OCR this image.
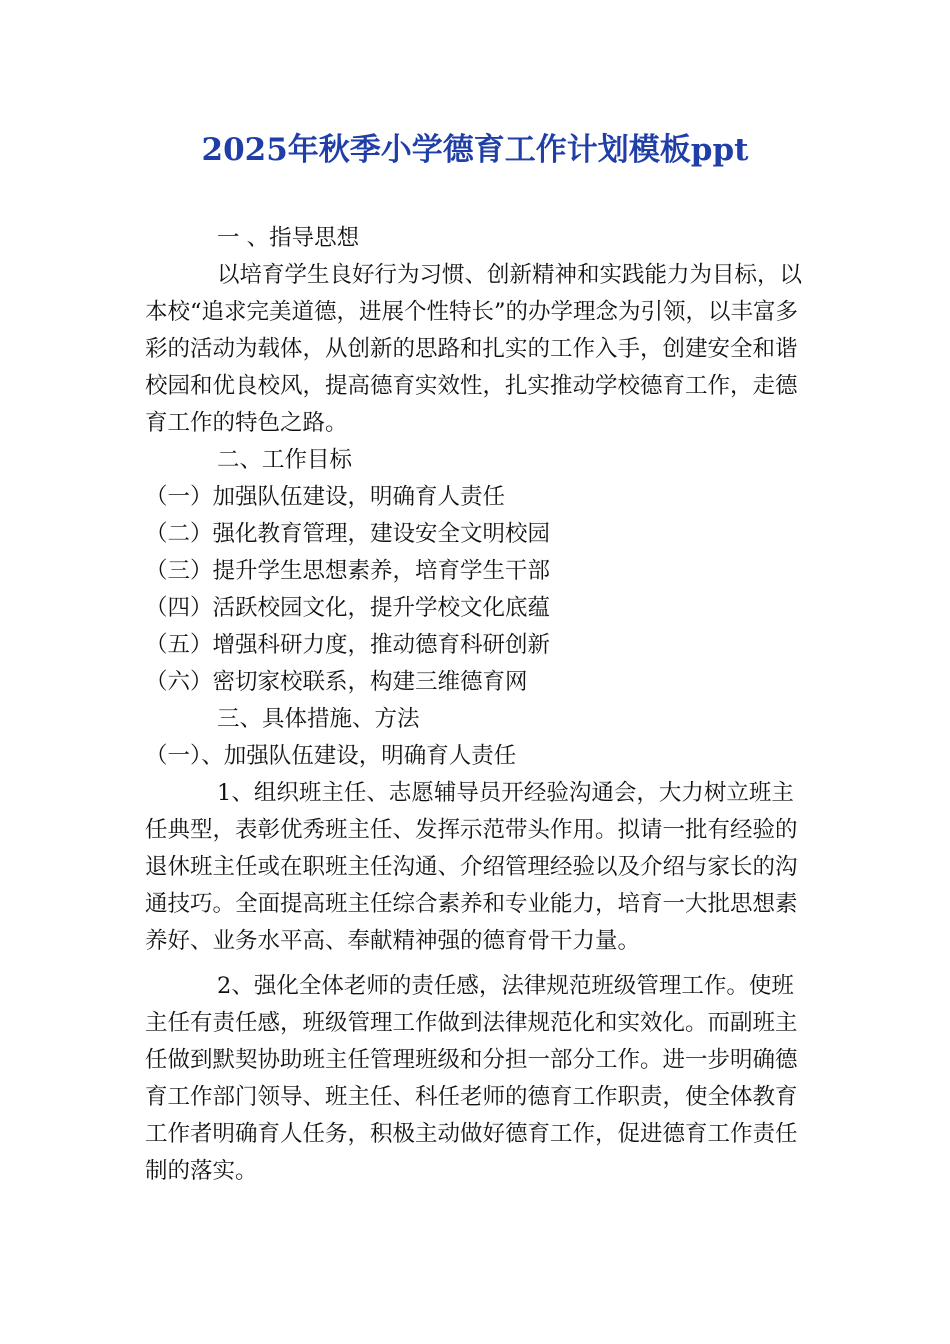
2025年秋季小学德育工作计划模板ppt

一 、指导思想

以培育学生良好行为习惯、创新精神和实践能力为目标，以本校“追求完美道德，进展个性特长”的办学理念为引领，以丰富多彩的活动为载体，从创新的思路和扎实的工作入手，创建安全和谐校园和优良校风，提高德育实效性，扎实推动学校德育工作，走德育工作的特色之路。

二、工作目标

（一）加强队伍建设，明确育人责任

（二）强化教育管理，建设安全文明校园

（三）提升学生思想素养，培育学生干部

（四）活跃校园文化，提升学校文化底蕴

（五）增强科研力度，推动德育科研创新

（六）密切家校联系，构建三维德育网

三、具体措施、方法

（一）、加强队伍建设，明确育人责任

1、组织班主任、志愿辅导员开经验沟通会，大力树立班主任典型，表彰优秀班主任、发挥示范带头作用。拟请一批有经验的退休班主任或在职班主任沟通、介绍管理经验以及介绍与家长的沟通技巧。全面提高班主任综合素养和专业能力，培育一大批思想素养好、业务水平高、奉献精神强的德育骨干力量。

2、强化全体老师的责任感，法律规范班级管理工作。使班主任有责任感，班级管理工作做到法律规范化和实效化。而副班主任做到默契协助班主任管理班级和分担一部分工作。进一步明确德育工作部门领导、班主任、科任老师的德育工作职责，使全体教育工作者明确育人任务，积极主动做好德育工作，促进德育工作责任制的落实。
